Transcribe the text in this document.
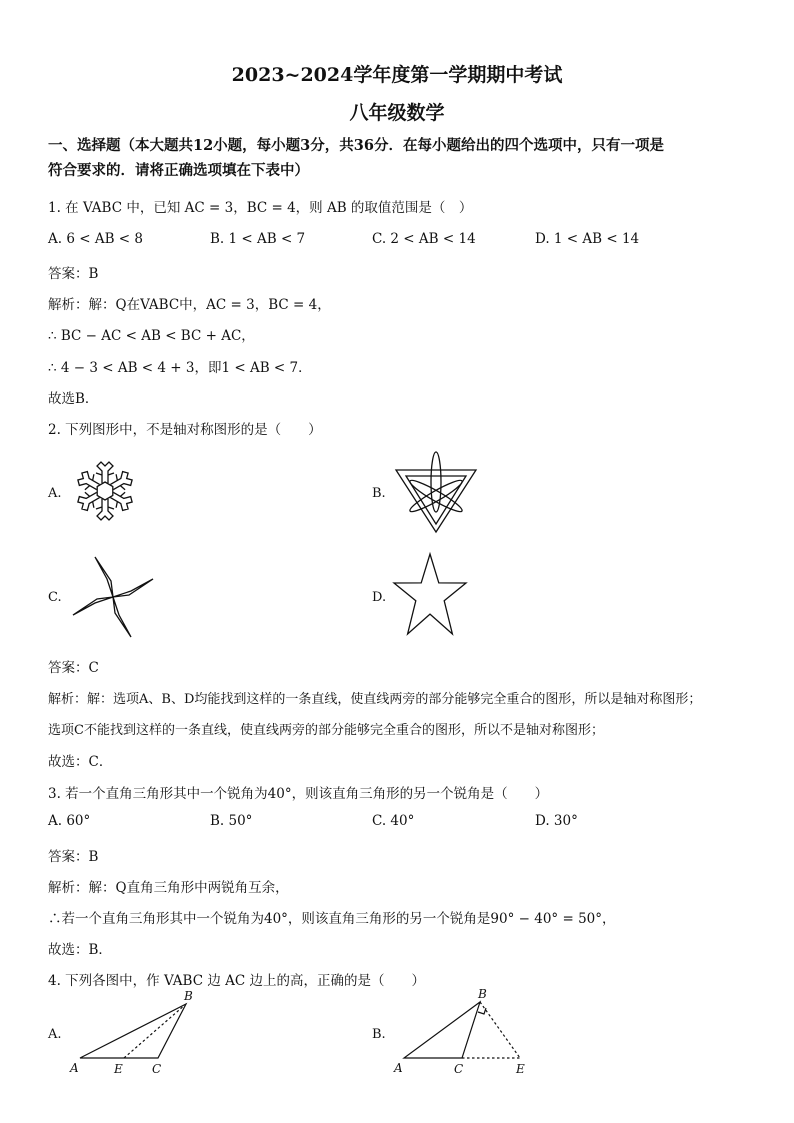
2023~2024学年度第一学期期中考试
八年级数学
一、选择题（本大题共12小题，每小题3分，共36分．在每小题给出的四个选项中，只有一项是
符合要求的．请将正确选项填在下表中）
1. 在 VABC 中，已知 AC = 3，BC = 4，则 AB 的取值范围是（　）
A. 6 < AB < 8	B. 1 < AB < 7	C. 2 < AB < 14	D. 1 < AB < 14
答案：B
解析：解：Q在VABC中，AC = 3，BC = 4，
∴ BC − AC < AB < BC + AC，
∴ 4 − 3 < AB < 4 + 3，即1 < AB < 7．
故选B．
2. 下列图形中，不是轴对称图形的是（　　）
A.	B.
C.	D.
答案：C
解析：解：选项A、B、D均能找到这样的一条直线，使直线两旁的部分能够完全重合的图形，所以是轴对称图形；
选项C不能找到这样的一条直线，使直线两旁的部分能够完全重合的图形，所以不是轴对称图形；
故选：C．
3. 若一个直角三角形其中一个锐角为40°，则该直角三角形的另一个锐角是（　　）
A. 60°	B. 50°	C. 40°	D. 30°
答案：B
解析：解：Q直角三角形中两锐角互余，
∴若一个直角三角形其中一个锐角为40°，则该直角三角形的另一个锐角是90° − 40° = 50°，
故选：B．
4. 下列各图中，作 VABC 边 AC 边上的高，正确的是（　　）
A.
A	E C
B
B.
A	C	E
B
